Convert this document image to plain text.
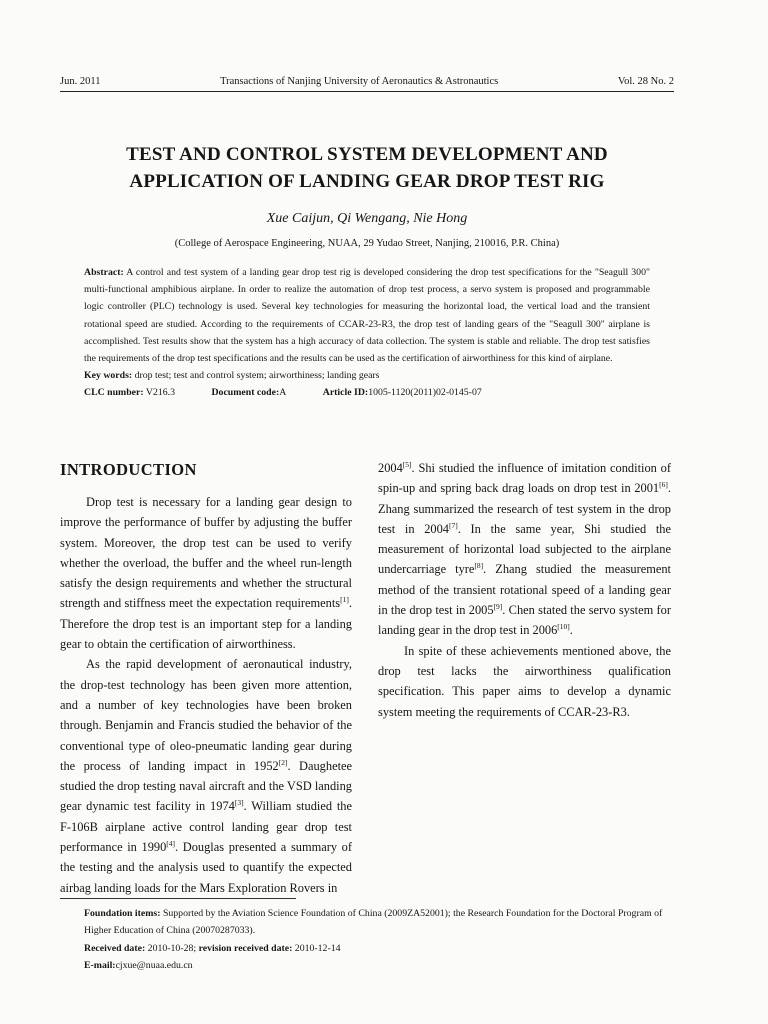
Jun. 2011	Transactions of Nanjing University of Aeronautics & Astronautics	Vol. 28 No. 2
TEST AND CONTROL SYSTEM DEVELOPMENT AND
APPLICATION OF LANDING GEAR DROP TEST RIG
Xue Caijun, Qi Wengang, Nie Hong
(College of Aerospace Engineering, NUAA, 29 Yudao Street, Nanjing, 210016, P.R. China)
Abstract: A control and test system of a landing gear drop test rig is developed considering the drop test specifications for the "Seagull 300" multi-functional amphibious airplane. In order to realize the automation of drop test process, a servo system is proposed and programmable logic controller (PLC) technology is used. Several key technologies for measuring the horizontal load, the vertical load and the transient rotational speed are studied. According to the requirements of CCAR-23-R3, the drop test of landing gears of the "Seagull 300" airplane is accomplished. Test results show that the system has a high accuracy of data collection. The system is stable and reliable. The drop test satisfies the requirements of the drop test specifications and the results can be used as the certification of airworthiness for this kind of airplane.
Key words: drop test; test and control system; airworthiness; landing gears
CLC number: V216.3	Document code:A	Article ID:1005-1120(2011)02-0145-07
INTRODUCTION

Drop test is necessary for a landing gear design to improve the performance of buffer by adjusting the buffer system. Moreover, the drop test can be used to verify whether the overload, the buffer and the wheel run-length satisfy the design requirements and whether the structural strength and stiffness meet the expectation requirements[1]. Therefore the drop test is an important step for a landing gear to obtain the certification of airworthiness.

As the rapid development of aeronautical industry, the drop-test technology has been given more attention, and a number of key technologies have been broken through. Benjamin and Francis studied the behavior of the conventional type of oleo-pneumatic landing gear during the process of landing impact in 1952[2]. Daughetee studied the drop testing naval aircraft and the VSD landing gear dynamic test facility in 1974[3]. William studied the F-106B airplane active control landing gear drop test performance in 1990[4]. Douglas presented a summary of the testing and the analysis used to quantify the expected airbag landing loads for the Mars Exploration Rovers in

2004[5]. Shi studied the influence of imitation condition of spin-up and spring back drag loads on drop test in 2001[6]. Zhang summarized the research of test system in the drop test in 2004[7]. In the same year, Shi studied the measurement of horizontal load subjected to the airplane undercarriage tyre[8]. Zhang studied the measurement method of the transient rotational speed of a landing gear in the drop test in 2005[9]. Chen stated the servo system for landing gear in the drop test in 2006[10].

In spite of these achievements mentioned above, the drop test lacks the airworthiness qualification specification. This paper aims to develop a dynamic system meeting the requirements of CCAR-23-R3.

Foundation items: Supported by the Aviation Science Foundation of China (2009ZA52001); the Research Foundation for the Doctoral Program of Higher Education of China (20070287033).
Received date: 2010-10-28; revision received date: 2010-12-14
E-mail:cjxue@nuaa.edu.cn
